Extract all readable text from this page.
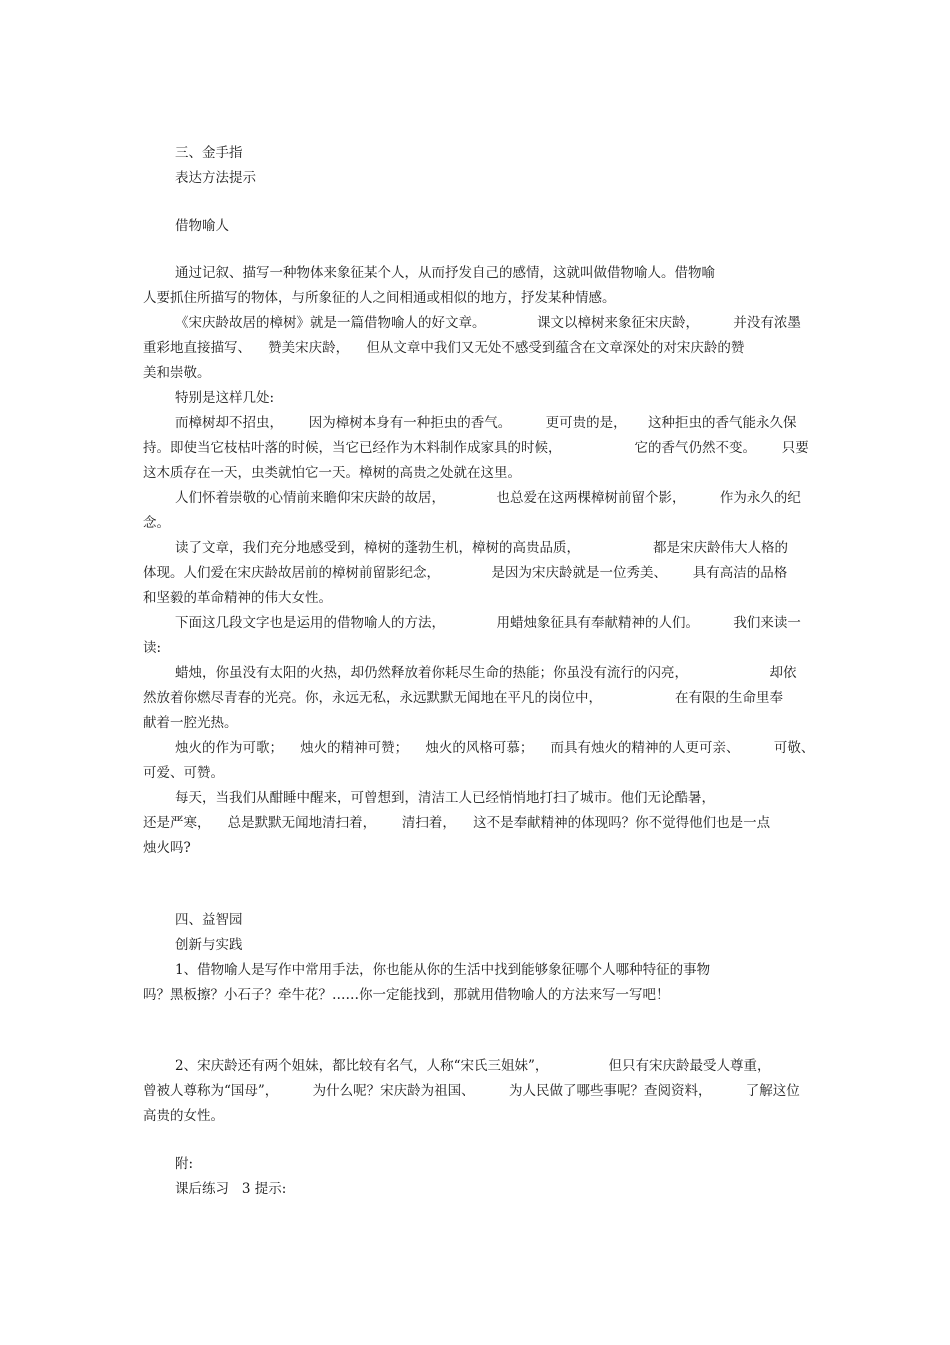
三、金手指

表达方法提示

借物喻人

通过记叙、描写一种物体来象征某个人，从而抒发自己的感情，这就叫做借物喻人。借物喻

人要抓住所描写的物体，与所象征的人之间相通或相似的地方，抒发某种情感。

《宋庆龄故居的樟树》就是一篇借物喻人的好文章。            课文以樟树来象征宋庆龄，        并没有浓墨

重彩地直接描写、    赞美宋庆龄，    但从文章中我们又无处不感受到蕴含在文章深处的对宋庆龄的赞

美和崇敬。

特别是这样几处:

而樟树却不招虫，      因为樟树本身有一种拒虫的香气。        更可贵的是，     这种拒虫的香气能永久保

持。即使当它枝枯叶落的时候，当它已经作为木料制作成家具的时候，                 它的香气仍然不变。      只要

这木质存在一天，虫类就怕它一天。樟树的高贵之处就在这里。

人们怀着崇敬的心情前来瞻仰宋庆龄的故居，            也总爱在这两棵樟树前留个影，        作为永久的纪

念。

读了文章，我们充分地感受到，樟树的蓬勃生机，樟树的高贵品质，                 都是宋庆龄伟大人格的

体现。人们爱在宋庆龄故居前的樟树前留影纪念，            是因为宋庆龄就是一位秀美、      具有高洁的品格

和坚毅的革命精神的伟大女性。

下面这几段文字也是运用的借物喻人的方法，            用蜡烛象征具有奉献精神的人们。        我们来读一

读:

蜡烛，你虽没有太阳的火热，却仍然释放着你耗尽生命的热能；你虽没有流行的闪亮，                   却依

然放着你燃尽青春的光亮。你，永远无私，永远默默无闻地在平凡的岗位中，                 在有限的生命里奉

献着一腔光热。

烛火的作为可歌；    烛火的精神可赞；    烛火的风格可慕；    而具有烛火的精神的人更可亲、        可敬、

可爱、可赞。

每天，当我们从酣睡中醒来，可曾想到，清洁工人已经悄悄地打扫了城市。他们无论酷暑，

还是严寒，    总是默默无闻地清扫着，      清扫着，    这不是奉献精神的体现吗？你不觉得他们也是一点

烛火吗?

四、益智园

创新与实践

1、借物喻人是写作中常用手法，你也能从你的生活中找到能够象征哪个人哪种特征的事物

吗？黑板擦？小石子？牵牛花？……你一定能找到，那就用借物喻人的方法来写一写吧！

2、宋庆龄还有两个姐妹，都比较有名气，人称“宋氏三姐妹”，              但只有宋庆龄最受人尊重，

曾被人尊称为“国母”，        为什么呢？宋庆龄为祖国、        为人民做了哪些事呢？查阅资料，        了解这位

高贵的女性。

附:

课后练习   3 提示:
